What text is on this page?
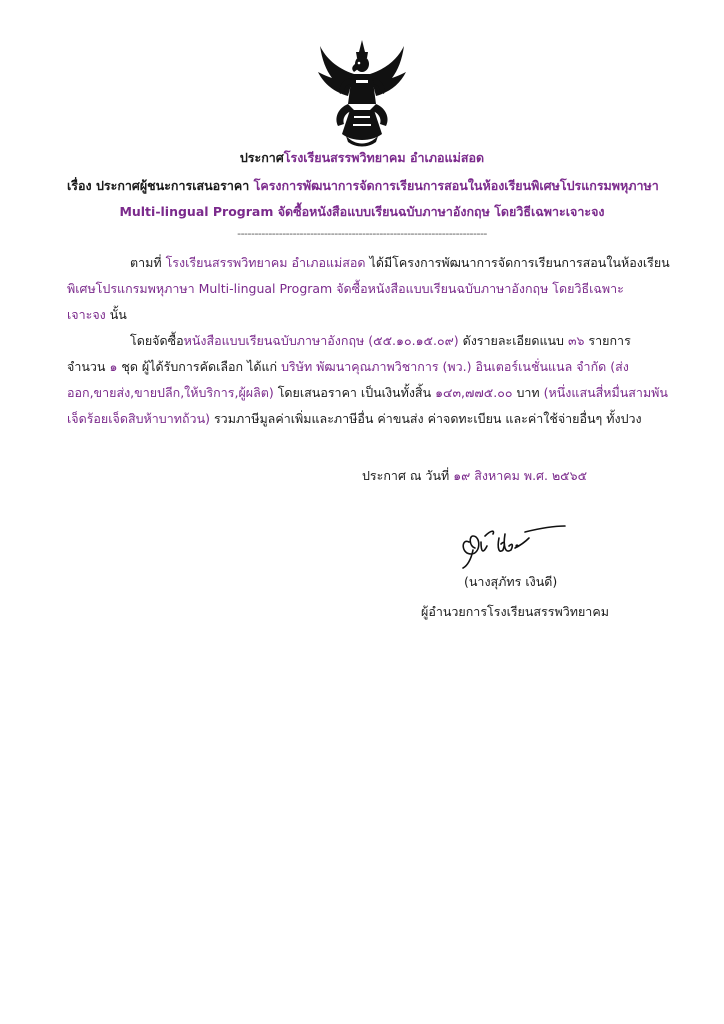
ประกาศโรงเรียนสรรพวิทยาคม อำเภอแม่สอด
เรื่อง ประกาศผู้ชนะการเสนอราคา โครงการพัฒนาการจัดการเรียนการสอนในห้องเรียนพิเศษโปรแกรมพหุภาษา
Multi-lingual Program จัดซื้อหนังสือแบบเรียนฉบับภาษาอังกฤษ โดยวิธีเฉพาะเจาะจง
------------------------------------------------------------------------
ตามที่ โรงเรียนสรรพวิทยาคม อำเภอแม่สอด ได้มีโครงการพัฒนาการจัดการเรียนการสอนในห้องเรียน
พิเศษโปรแกรมพหุภาษา Multi-lingual Program จัดซื้อหนังสือแบบเรียนฉบับภาษาอังกฤษ โดยวิธีเฉพาะ
เจาะจง นั้น
โดยจัดซื้อหนังสือแบบเรียนฉบับภาษาอังกฤษ (๕๕.๑๐.๑๕.๐๙) ดังรายละเอียดแนบ ๓๖ รายการ
จำนวน ๑ ชุด ผู้ได้รับการคัดเลือก ได้แก่ บริษัท พัฒนาคุณภาพวิชาการ (พว.) อินเตอร์เนชั่นแนล จำกัด (ส่ง
ออก,ขายส่ง,ขายปลีก,ให้บริการ,ผู้ผลิต) โดยเสนอราคา เป็นเงินทั้งสิ้น ๑๔๓,๗๗๕.๐๐ บาท (หนึ่งแสนสี่หมื่นสามพัน
เจ็ดร้อยเจ็ดสิบห้าบาทถ้วน) รวมภาษีมูลค่าเพิ่มและภาษีอื่น ค่าขนส่ง ค่าจดทะเบียน และค่าใช้จ่ายอื่นๆ ทั้งปวง
ประกาศ ณ วันที่ ๑๙ สิงหาคม พ.ศ. ๒๕๖๕
(นางสุภัทร เงินดี)
ผู้อำนวยการโรงเรียนสรรพวิทยาคม
